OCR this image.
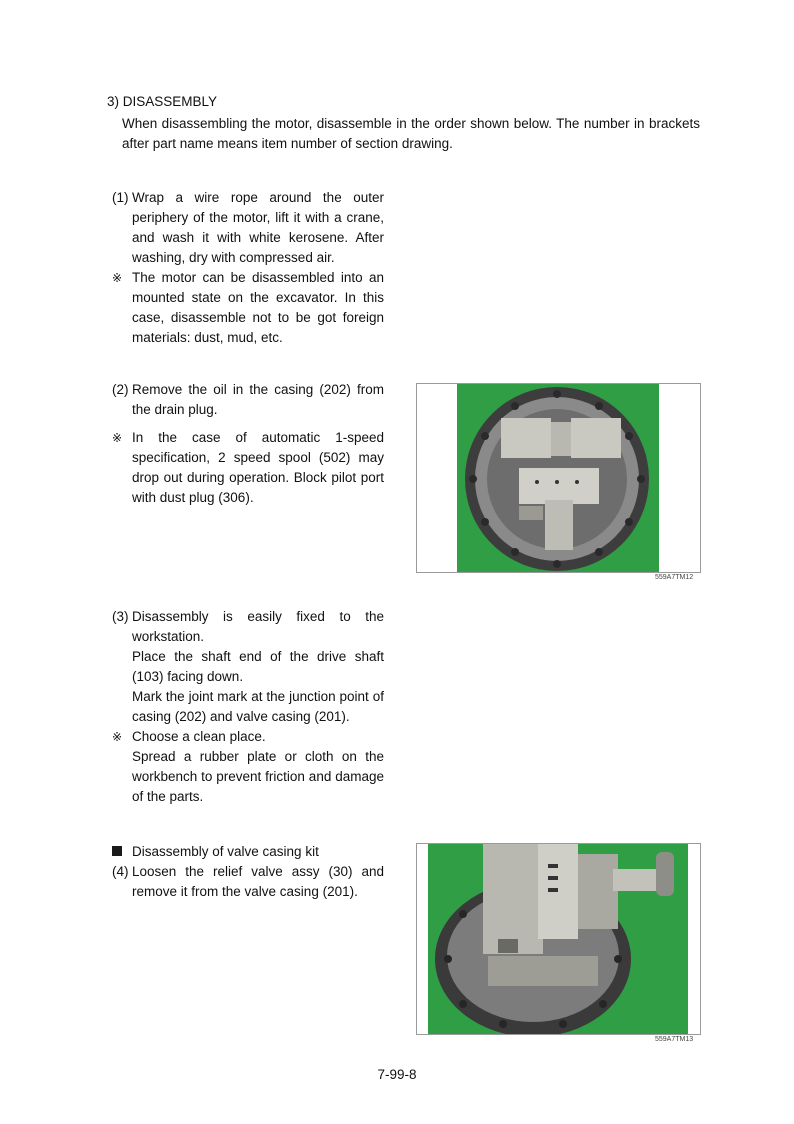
3) DISASSEMBLY
When disassembling the motor, disassemble in the order shown below. The number in brackets after part name means item number of section drawing.
(1) Wrap a wire rope around the outer periphery of the motor, lift it with a crane, and wash it with white kerosene. After washing, dry with compressed air.
※ The motor can be disassembled into an mounted state on the excavator. In this case, disassemble not to be got foreign materials: dust, mud, etc.
(2) Remove the oil in the casing (202) from the drain plug.
※ In the case of automatic 1-speed specification, 2 speed spool (502) may drop out during operation. Block pilot port with dust plug (306).
559A7TM12
(3) Disassembly is easily fixed to the workstation.

Place the shaft end of the drive shaft (103) facing down.

Mark the joint mark at the junction point of casing (202) and valve casing (201).

※ Choose a clean place.

Spread a rubber plate or cloth on the workbench to prevent friction and damage of the parts.

Disassembly of valve casing kit
(4) Loosen the relief valve assy (30) and remove it from the valve casing (201).
559A7TM13
7-99-8
